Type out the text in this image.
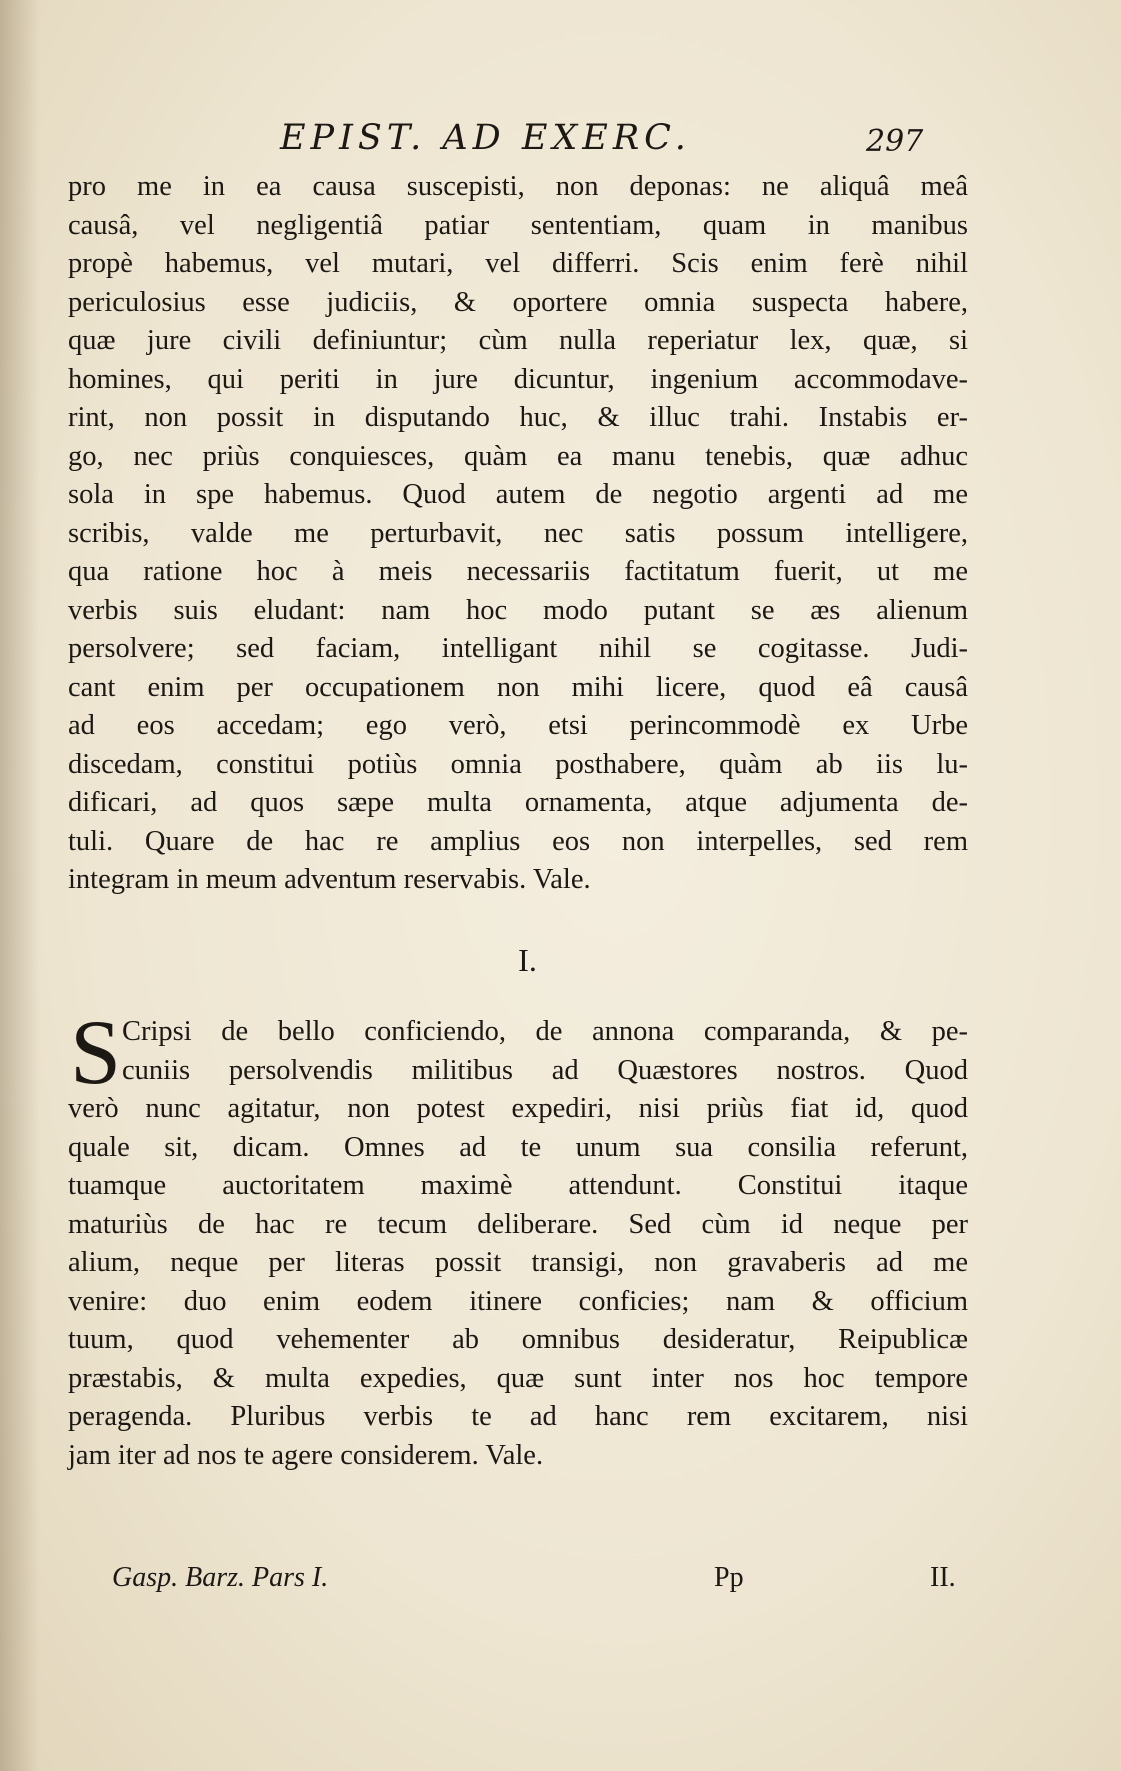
EPIST. AD EXERC.	297
pro me in ea causa suscepisti, non deponas: ne aliquâ meâ
causâ, vel negligentiâ patiar sententiam, quam in manibus
propè habemus, vel mutari, vel differri. Scis enim ferè nihil
periculosius esse judiciis, & oportere omnia suspecta habere,
quæ jure civili definiuntur; cùm nulla reperiatur lex, quæ, si
homines, qui periti in jure dicuntur, ingenium accommodave-
rint, non possit in disputando huc, & illuc trahi. Instabis er-
go, nec priùs conquiesces, quàm ea manu tenebis, quæ adhuc
sola in spe habemus. Quod autem de negotio argenti ad me
scribis, valde me perturbavit, nec satis possum intelligere,
qua ratione hoc à meis necessariis factitatum fuerit, ut me
verbis suis eludant: nam hoc modo putant se æs alienum
persolvere; sed faciam, intelligant nihil se cogitasse. Judi-
cant enim per occupationem non mihi licere, quod eâ causâ
ad eos accedam; ego verò, etsi perincommodè ex Urbe
discedam, constitui potiùs omnia posthabere, quàm ab iis lu-
dificari, ad quos sæpe multa ornamenta, atque adjumenta de-
tuli. Quare de hac re amplius eos non interpelles, sed rem
integram in meum adventum reservabis. Vale.
I.
S Cripsi de bello conficiendo, de annona comparanda, & pe-
cuniis persolvendis militibus ad Quæstores nostros. Quod
verò nunc agitatur, non potest expediri, nisi priùs fiat id, quod
quale sit, dicam. Omnes ad te unum sua consilia referunt,
tuamque auctoritatem maximè attendunt. Constitui itaque
maturiùs de hac re tecum deliberare. Sed cùm id neque per
alium, neque per literas possit transigi, non gravaberis ad me
venire: duo enim eodem itinere conficies; nam & officium
tuum, quod vehementer ab omnibus desideratur, Reipublicæ
præstabis, & multa expedies, quæ sunt inter nos hoc tempore
peragenda. Pluribus verbis te ad hanc rem excitarem, nisi
jam iter ad nos te agere considerem. Vale.
Gasp. Barz. Pars I.	Pp	II.
